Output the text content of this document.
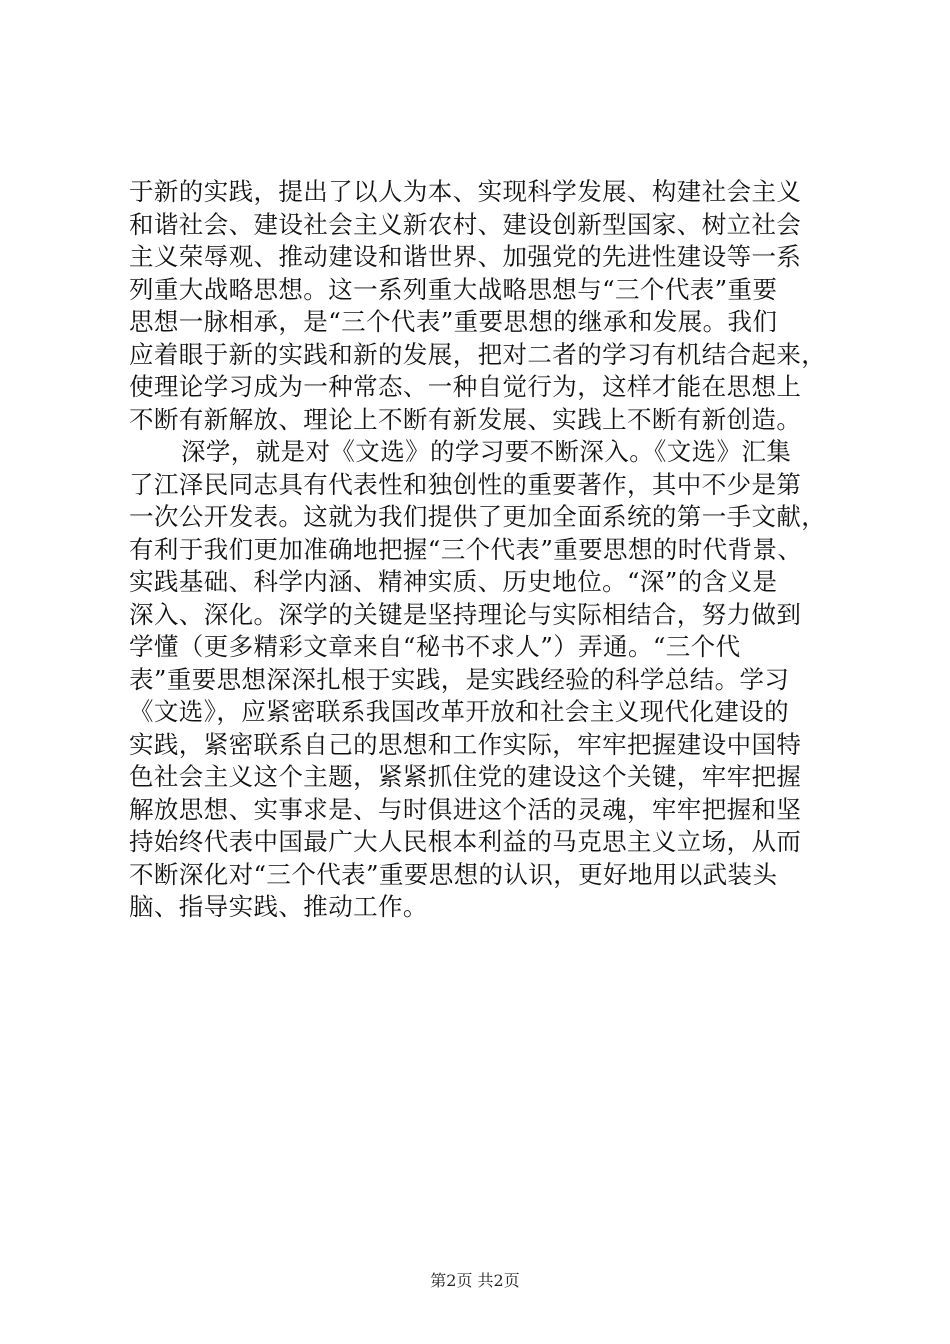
于新的实践，提出了以人为本、实现科学发展、构建社会主义
和谐社会、建设社会主义新农村、建设创新型国家、树立社会
主义荣辱观、推动建设和谐世界、加强党的先进性建设等一系
列重大战略思想。这一系列重大战略思想与“三个代表”重要
思想一脉相承，是“三个代表”重要思想的继承和发展。我们
应着眼于新的实践和新的发展，把对二者的学习有机结合起来，
使理论学习成为一种常态、一种自觉行为，这样才能在思想上
不断有新解放、理论上不断有新发展、实践上不断有新创造。
深学，就是对《文选》的学习要不断深入。《文选》汇集
了江泽民同志具有代表性和独创性的重要著作，其中不少是第
一次公开发表。这就为我们提供了更加全面系统的第一手文献，
有利于我们更加准确地把握“三个代表”重要思想的时代背景、
实践基础、科学内涵、精神实质、历史地位。“深”的含义是
深入、深化。深学的关键是坚持理论与实际相结合，努力做到
学懂（更多精彩文章来自“秘书不求人”）弄通。“三个代
表”重要思想深深扎根于实践，是实践经验的科学总结。学习
《文选》，应紧密联系我国改革开放和社会主义现代化建设的
实践，紧密联系自己的思想和工作实际，牢牢把握建设中国特
色社会主义这个主题，紧紧抓住党的建设这个关键，牢牢把握
解放思想、实事求是、与时俱进这个活的灵魂，牢牢把握和坚
持始终代表中国最广大人民根本利益的马克思主义立场，从而
不断深化对“三个代表”重要思想的认识，更好地用以武装头
脑、指导实践、推动工作。
第2页 共2页
